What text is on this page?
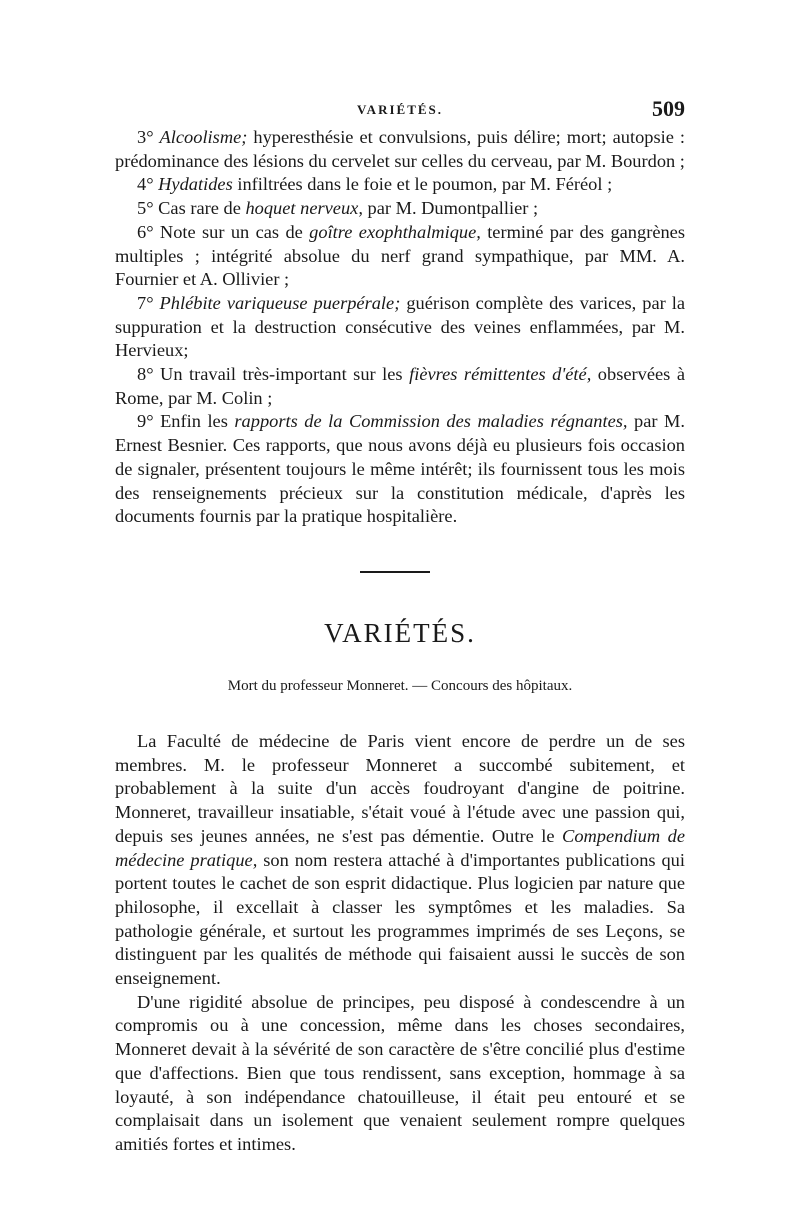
VARIÉTÉS.	509

3° Alcoolisme; hyperesthésie et convulsions, puis délire; mort; autopsie : prédominance des lésions du cervelet sur celles du cerveau, par M. Bourdon ;

4° Hydatides infiltrées dans le foie et le poumon, par M. Féréol ;

5° Cas rare de hoquet nerveux, par M. Dumontpallier ;

6° Note sur un cas de goître exophthalmique, terminé par des gangrènes multiples ; intégrité absolue du nerf grand sympathique, par MM. A. Fournier et A. Ollivier ;

7° Phlébite variqueuse puerpérale; guérison complète des varices, par la suppuration et la destruction consécutive des veines enflammées, par M. Hervieux;

8° Un travail très-important sur les fièvres rémittentes d'été, observées à Rome, par M. Colin ;

9° Enfin les rapports de la Commission des maladies régnantes, par M. Ernest Besnier. Ces rapports, que nous avons déjà eu plusieurs fois occasion de signaler, présentent toujours le même intérêt; ils fournissent tous les mois des renseignements précieux sur la constitution médicale, d'après les documents fournis par la pratique hospitalière.

VARIÉTÉS.
Mort du professeur Monneret. — Concours des hôpitaux.

La Faculté de médecine de Paris vient encore de perdre un de ses membres. M. le professeur Monneret a succombé subitement, et probablement à la suite d'un accès foudroyant d'angine de poitrine. Monneret, travailleur insatiable, s'était voué à l'étude avec une passion qui, depuis ses jeunes années, ne s'est pas démentie. Outre le Compendium de médecine pratique, son nom restera attaché à d'importantes publications qui portent toutes le cachet de son esprit didactique. Plus logicien par nature que philosophe, il excellait à classer les symptômes et les maladies. Sa pathologie générale, et surtout les programmes imprimés de ses Leçons, se distinguent par les qualités de méthode qui faisaient aussi le succès de son enseignement.

D'une rigidité absolue de principes, peu disposé à condescendre à un compromis ou à une concession, même dans les choses secondaires, Monneret devait à la sévérité de son caractère de s'être concilié plus d'estime que d'affections. Bien que tous rendissent, sans exception, hommage à sa loyauté, à son indépendance chatouilleuse, il était peu entouré et se complaisait dans un isolement que venaient seulement rompre quelques amitiés fortes et intimes.
